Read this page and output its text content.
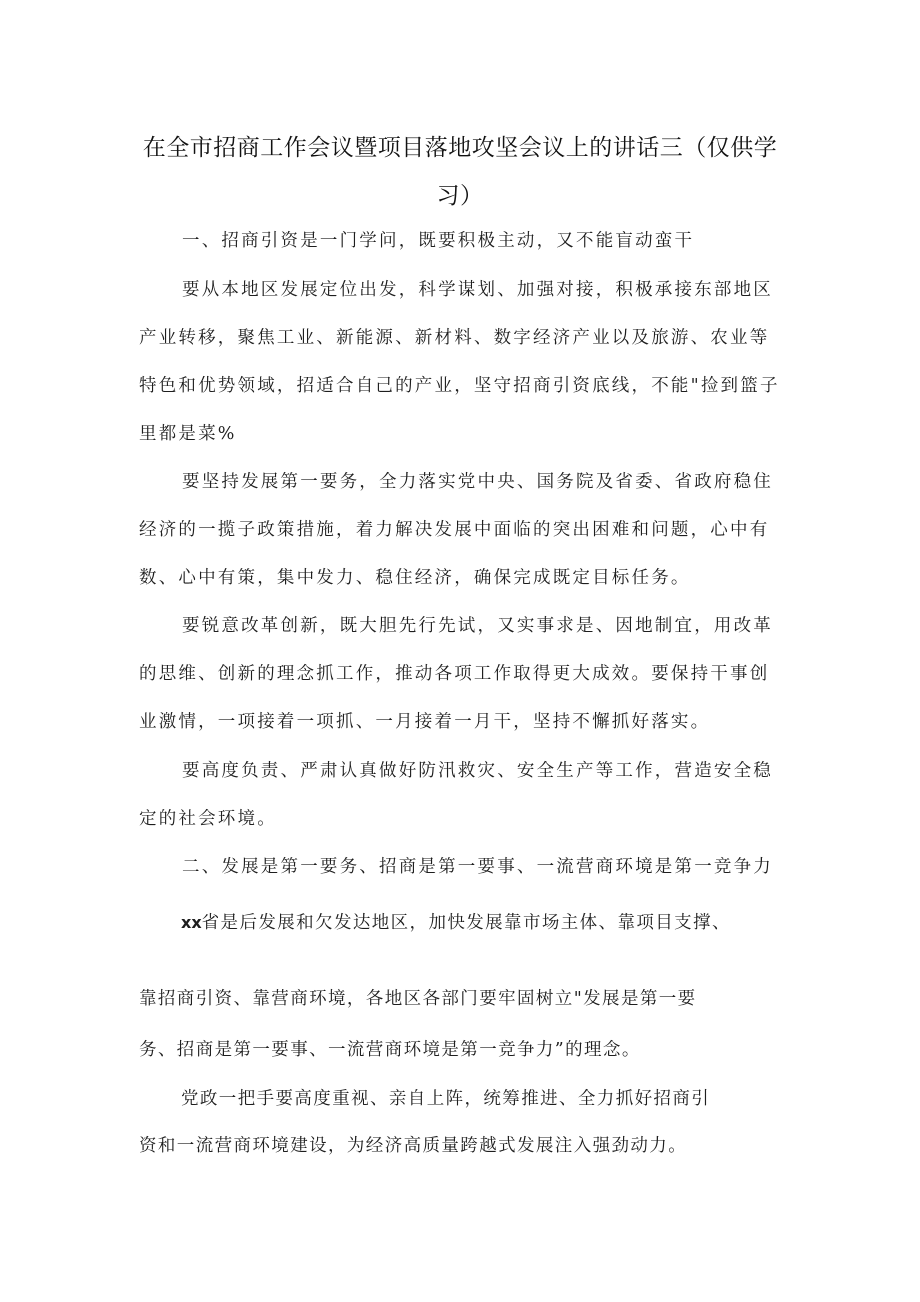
在全市招商工作会议暨项目落地攻坚会议上的讲话三（仅供学
习）
一、招商引资是一门学问，既要积极主动，又不能盲动蛮干
要从本地区发展定位出发，科学谋划、加强对接，积极承接东部地区
产业转移，聚焦工业、新能源、新材料、数字经济产业以及旅游、农业等
特色和优势领域，招适合自己的产业，坚守招商引资底线，不能"捡到篮子
里都是菜%
要坚持发展第一要务，全力落实党中央、国务院及省委、省政府稳住
经济的一揽子政策措施，着力解决发展中面临的突出困难和问题，心中有
数、心中有策，集中发力、稳住经济，确保完成既定目标任务。
要锐意改革创新，既大胆先行先试，又实事求是、因地制宜，用改革
的思维、创新的理念抓工作，推动各项工作取得更大成效。要保持干事创
业激情，一项接着一项抓、一月接着一月干，坚持不懈抓好落实。
要高度负责、严肃认真做好防汛救灾、安全生产等工作，营造安全稳
定的社会环境。
二、发展是第一要务、招商是第一要事、一流营商环境是第一竞争力
xx省是后发展和欠发达地区，加快发展靠市场主体、靠项目支撑、
靠招商引资、靠营商环境，各地区各部门要牢固树立"发展是第一要
务、招商是第一要事、一流营商环境是第一竞争力”的理念。
党政一把手要高度重视、亲自上阵，统筹推进、全力抓好招商引
资和一流营商环境建设，为经济高质量跨越式发展注入强劲动力。
